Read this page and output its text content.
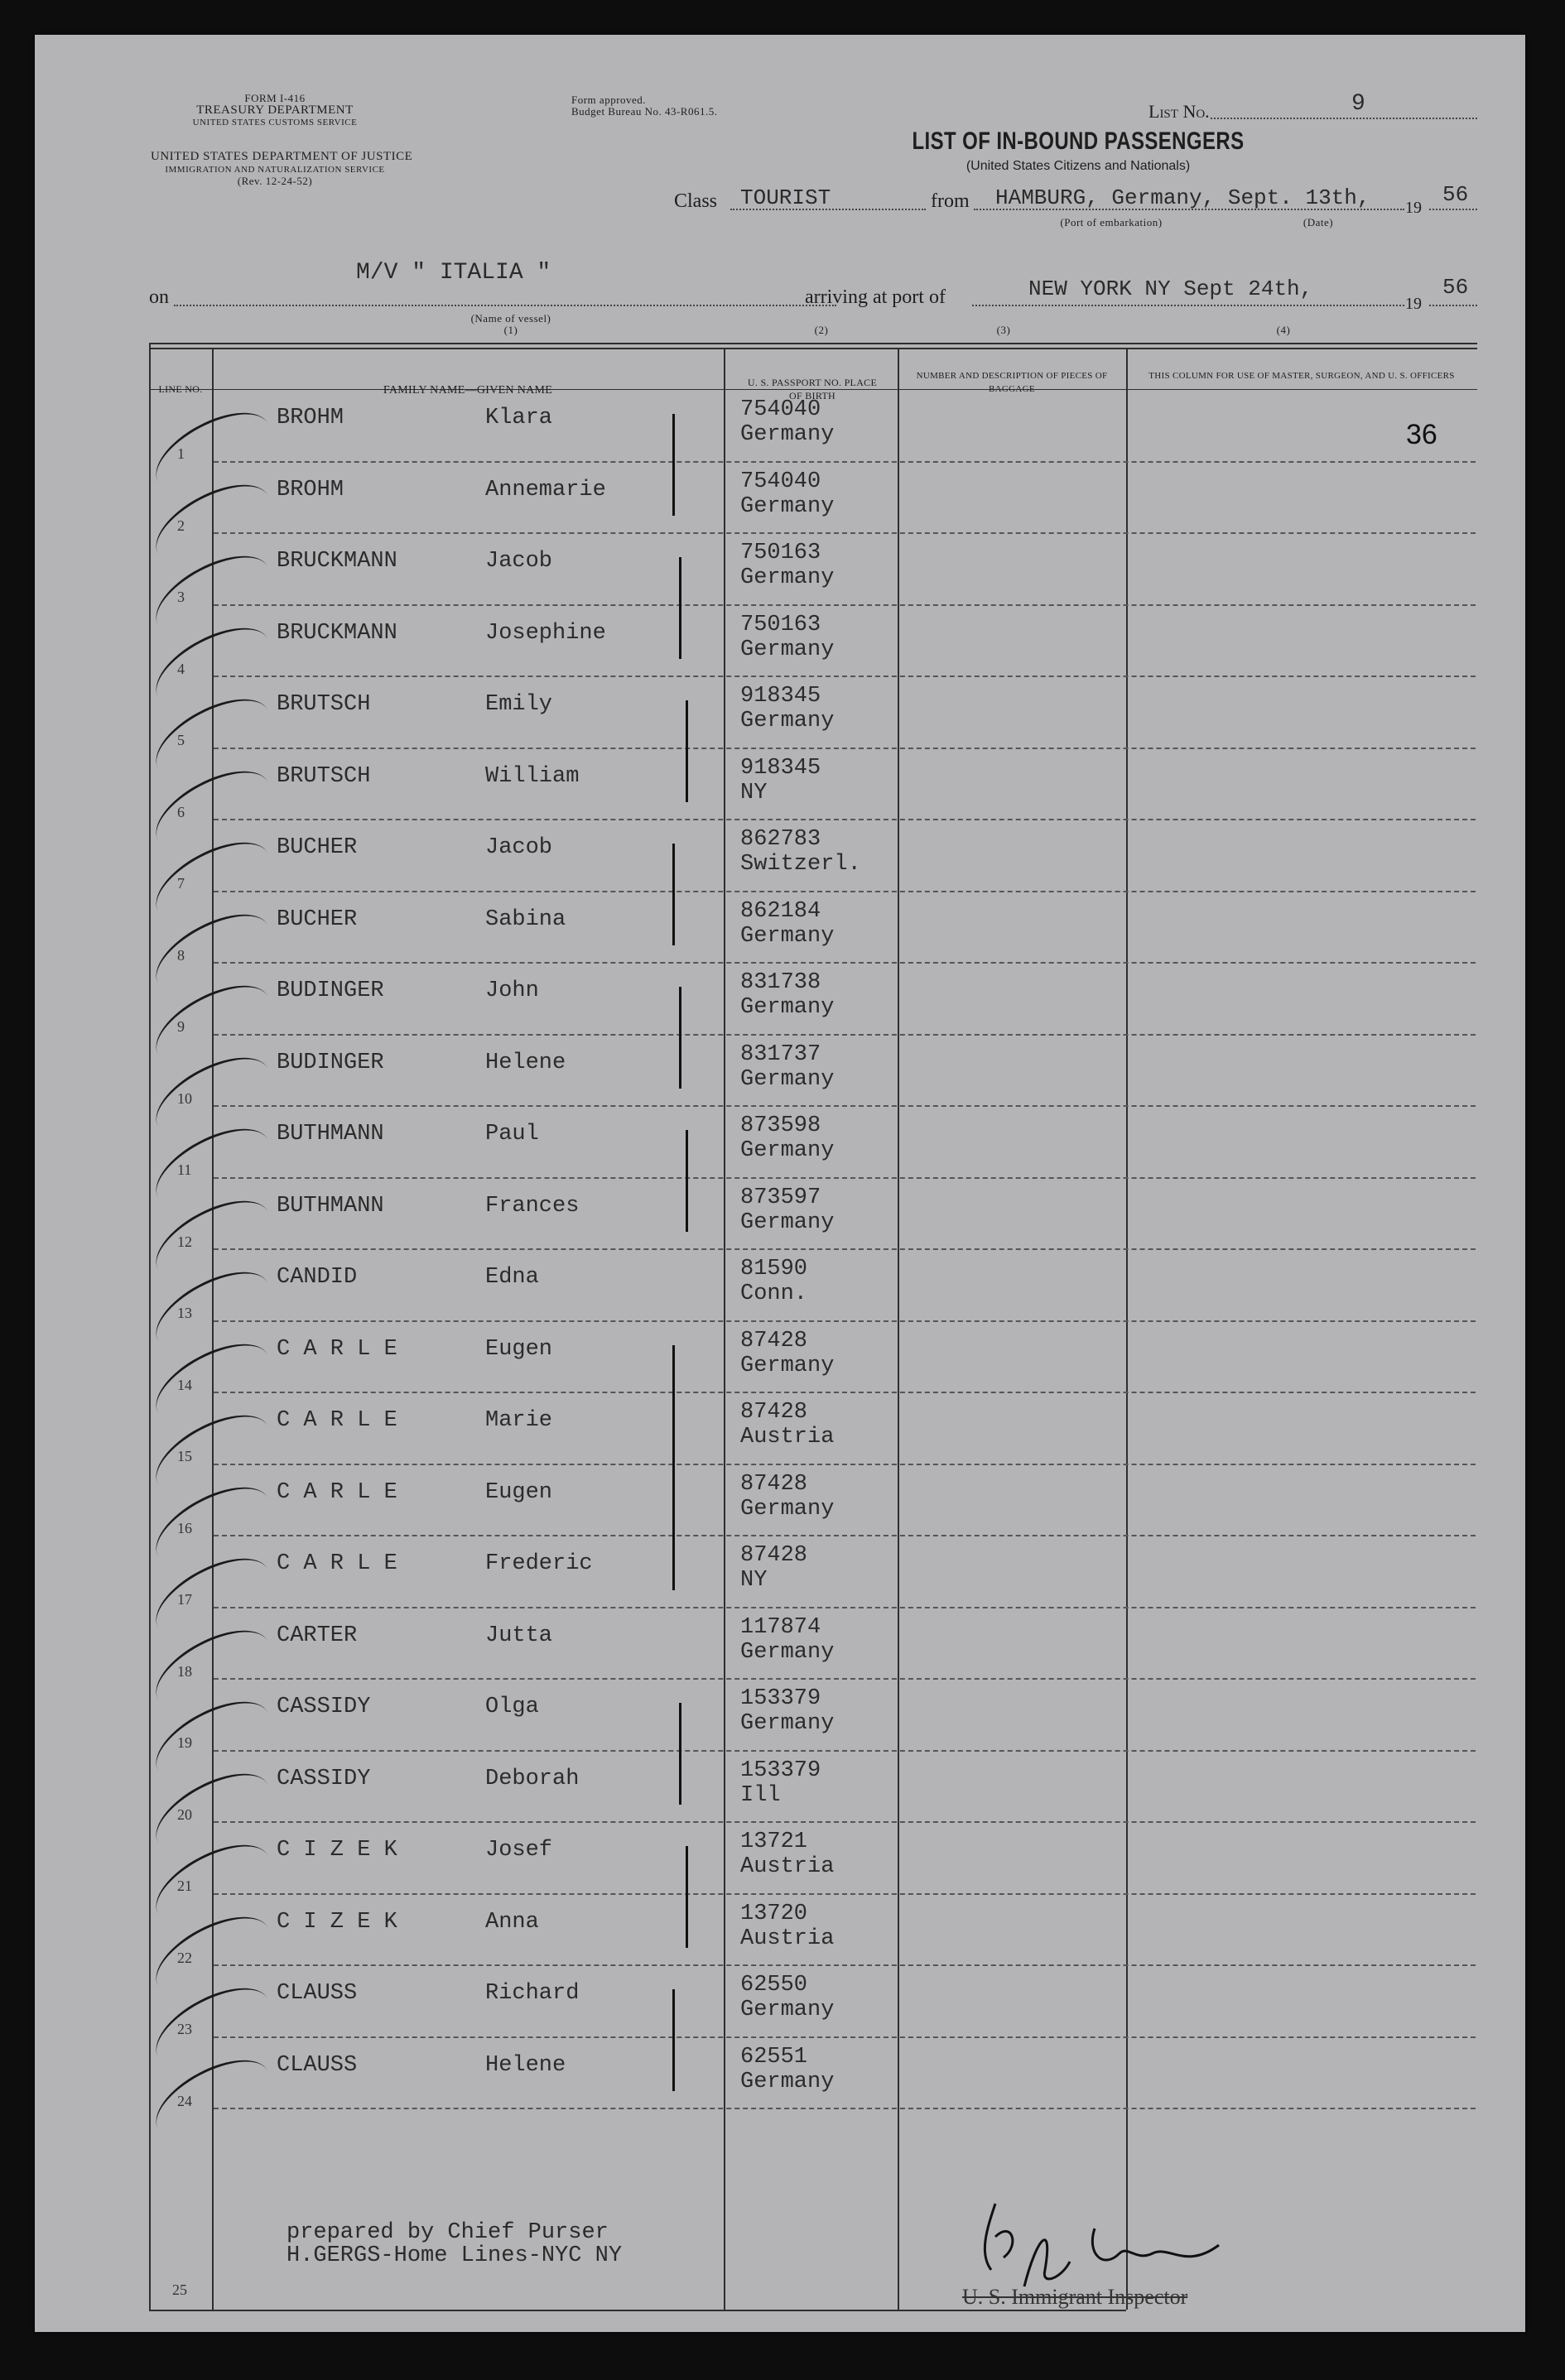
FORM I-416
TREASURY DEPARTMENT
UNITED STATES CUSTOMS SERVICE
UNITED STATES DEPARTMENT OF JUSTICE
IMMIGRATION AND NATURALIZATION SERVICE
(Rev. 12-24-52)
Form approved.
Budget Bureau No. 43-R061.5.	List No.	9
LIST OF IN-BOUND PASSENGERS
(United States Citizens and Nationals)
Class TOURIST	from HAMBURG, Germany, Sept. 13th, 19
56
(Port of embarkation)	(Date)
on
M/V " ITALIA "
(Name of vessel)
(1)
arriving at port of	NEW YORK NY Sept 24th,
19
56
(2)	(3)	(4)
LINE NO.	FAMILY NAME—GIVEN NAME
U. S. PASSPORT NO. PLACE OF BIRTH
NUMBER AND DESCRIPTION OF PIECES OF BAGGAGE
THIS COLUMN FOR USE OF MASTER, SURGEON, AND U. S. OFFICERS
36
BROHM	Klara	754040
Germany
1
BROHM	Annemarie	754040
Germany
2
BRUCKMANN	Jacob	750163
Germany
3
BRUCKMANN	Josephine	750163
Germany
4
BRUTSCH	Emily	918345
Germany
5
BRUTSCH	William	918345
NY
6
BUCHER	Jacob	862783
Switzerl.
7
BUCHER	Sabina	862184
Germany
8
BUDINGER	John	831738
Germany
9
BUDINGER	Helene	831737
Germany
10
BUTHMANN	Paul	873598
Germany
11
BUTHMANN	Frances	873597
Germany
12
CANDID	Edna	81590
Conn.
13
C A R L E	Eugen	87428
Germany
14
C A R L E	Marie	87428
Austria
15
C A R L E	Eugen	87428
Germany
16
C A R L E	Frederic	87428
NY
17
CARTER	Jutta	117874
Germany
18
CASSIDY	Olga	153379
Germany
19
CASSIDY	Deborah	153379
Ill
20
C I Z E K	Josef	13721
Austria
21
C I Z E K	Anna	13720
Austria
22
CLAUSS	Richard	62550
Germany
23
CLAUSS	Helene	62551
Germany
24
25
prepared by Chief Purser
H.GERGS-Home Lines-NYC NY
U. S. Immigrant Inspector
